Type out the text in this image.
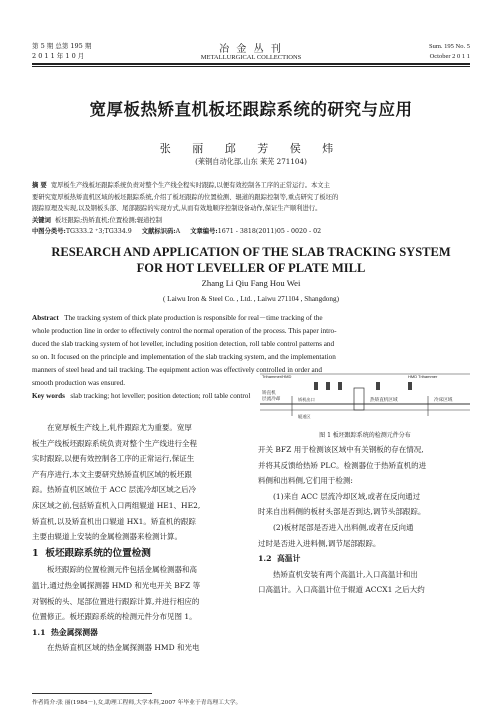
第 5 期 总第 195 期
2 0 1 1 年 1 0 月
冶 金 丛 刊
METALLURGICAL COLLECTIONS
Sum. 195 No. 5
October 2 0 1 1
宽厚板热矫直机板坯跟踪系统的研究与应用
张 丽 邱 芳 侯 炜
(莱钢自动化部,山东 莱芜 271104)
摘 要 宽厚板生产线板坯跟踪系统负责对整个生产线全程实时跟踪,以便有效控制各工序的正常运行。本文主
要研究宽厚板热矫直机区域的板坯跟踪系统,介绍了板坯跟踪的位置检测、辊道的跟踪控制等,重点研究了板坯的
跟踪原理及实现,以及钢板头部、尾部跟踪的实现方式,从而有效地顺序控制设备动作,保证生产顺利进行。
关键词 板坯跟踪;热矫直机;位置检测;辊道控制
中图分类号:TG333.2 ⁺3;TG334.9 文献标识码:A 文章编号:1671 - 3818(2011)05 - 0020 - 02
RESEARCH AND APPLICATION OF THE SLAB TRACKING SYSTEM
FOR HOT LEVELLER OF PLATE MILL
Zhang Li Qiu Fang Hou Wei
( Laiwu Iron & Steel Co. , Ltd. , Laiwu 271104 , Shangdong)
Abstract The tracking system of thick plate production is responsible for real－time tracking of the
whole production line in order to effectively control the normal operation of the process. This paper intro-
duced the slab tracking system of hot leveller, including position detection, roll table control patterns and
so on. It focused on the principle and implementation of the slab tracking system, and the implementation
manners of steel head and tail tracking. The equipment action was effectively controlled in order and
smooth production was ensured.
Key words slab tracking; hot leveller; position detection; roll table control
在宽厚板生产线上,轧件跟踪尤为重要。宽厚
板生产线板坯跟踪系统负责对整个生产线进行全程
实时跟踪,以便有效控制各工序的正常运行,保证生
产有序进行,本文主要研究热矫直机区域的板坯跟
踪。热矫直机区域位于 ACC 层流冷却区域之后冷
床区域之前,包括矫直机入口两组辊道 HE1、HE2,
矫直机,以及矫直机出口辊道 HX1。矫直机的跟踪
主要由辊道上安装的金属检测器来检测计算。
1 板坯跟踪系统的位置检测
板坯跟踪的位置检测元件包括金属检测器和高
温计,通过热金属探测器 HMD 和光电开关 BFZ 等
对钢板的头、尾部位置进行跟踪计算,并进行相应的
位置修正。板坯跟踪系统的检测元件分布见图 1。
1.1 热金属探测器
在热矫直机区域的热金属探测器 HMD 和光电
Trihammer/HMD	HMD Trihammer
矫直机
层流冷却	热矫直机区域	冷床区域
矫机出口
辊道区
图 1 板坯跟踪系统的检测元件分布
开关 BFZ 用于检测该区域中有关钢板的存在情况,
并将其反馈给热矫 PLC。检测器位于热矫直机的进
料侧和出料侧,它们用于检测:
(1)来自 ACC 层流冷却区域,或者在反向通过
时来自出料侧的板材头部是否到达,调节头部跟踪。
(2)板材尾部是否进入出料侧,或者在反向通
过时是否进入进料侧,调节尾部跟踪。
1.2 高温计
热矫直机安装有两个高温计,入口高温计和出
口高温计。入口高温计位于辊道 ACCX1 之后大约
作者简介:张 丽(1984－),女,助理工程师,大学本科,2007 年毕业于青岛理工大学。
